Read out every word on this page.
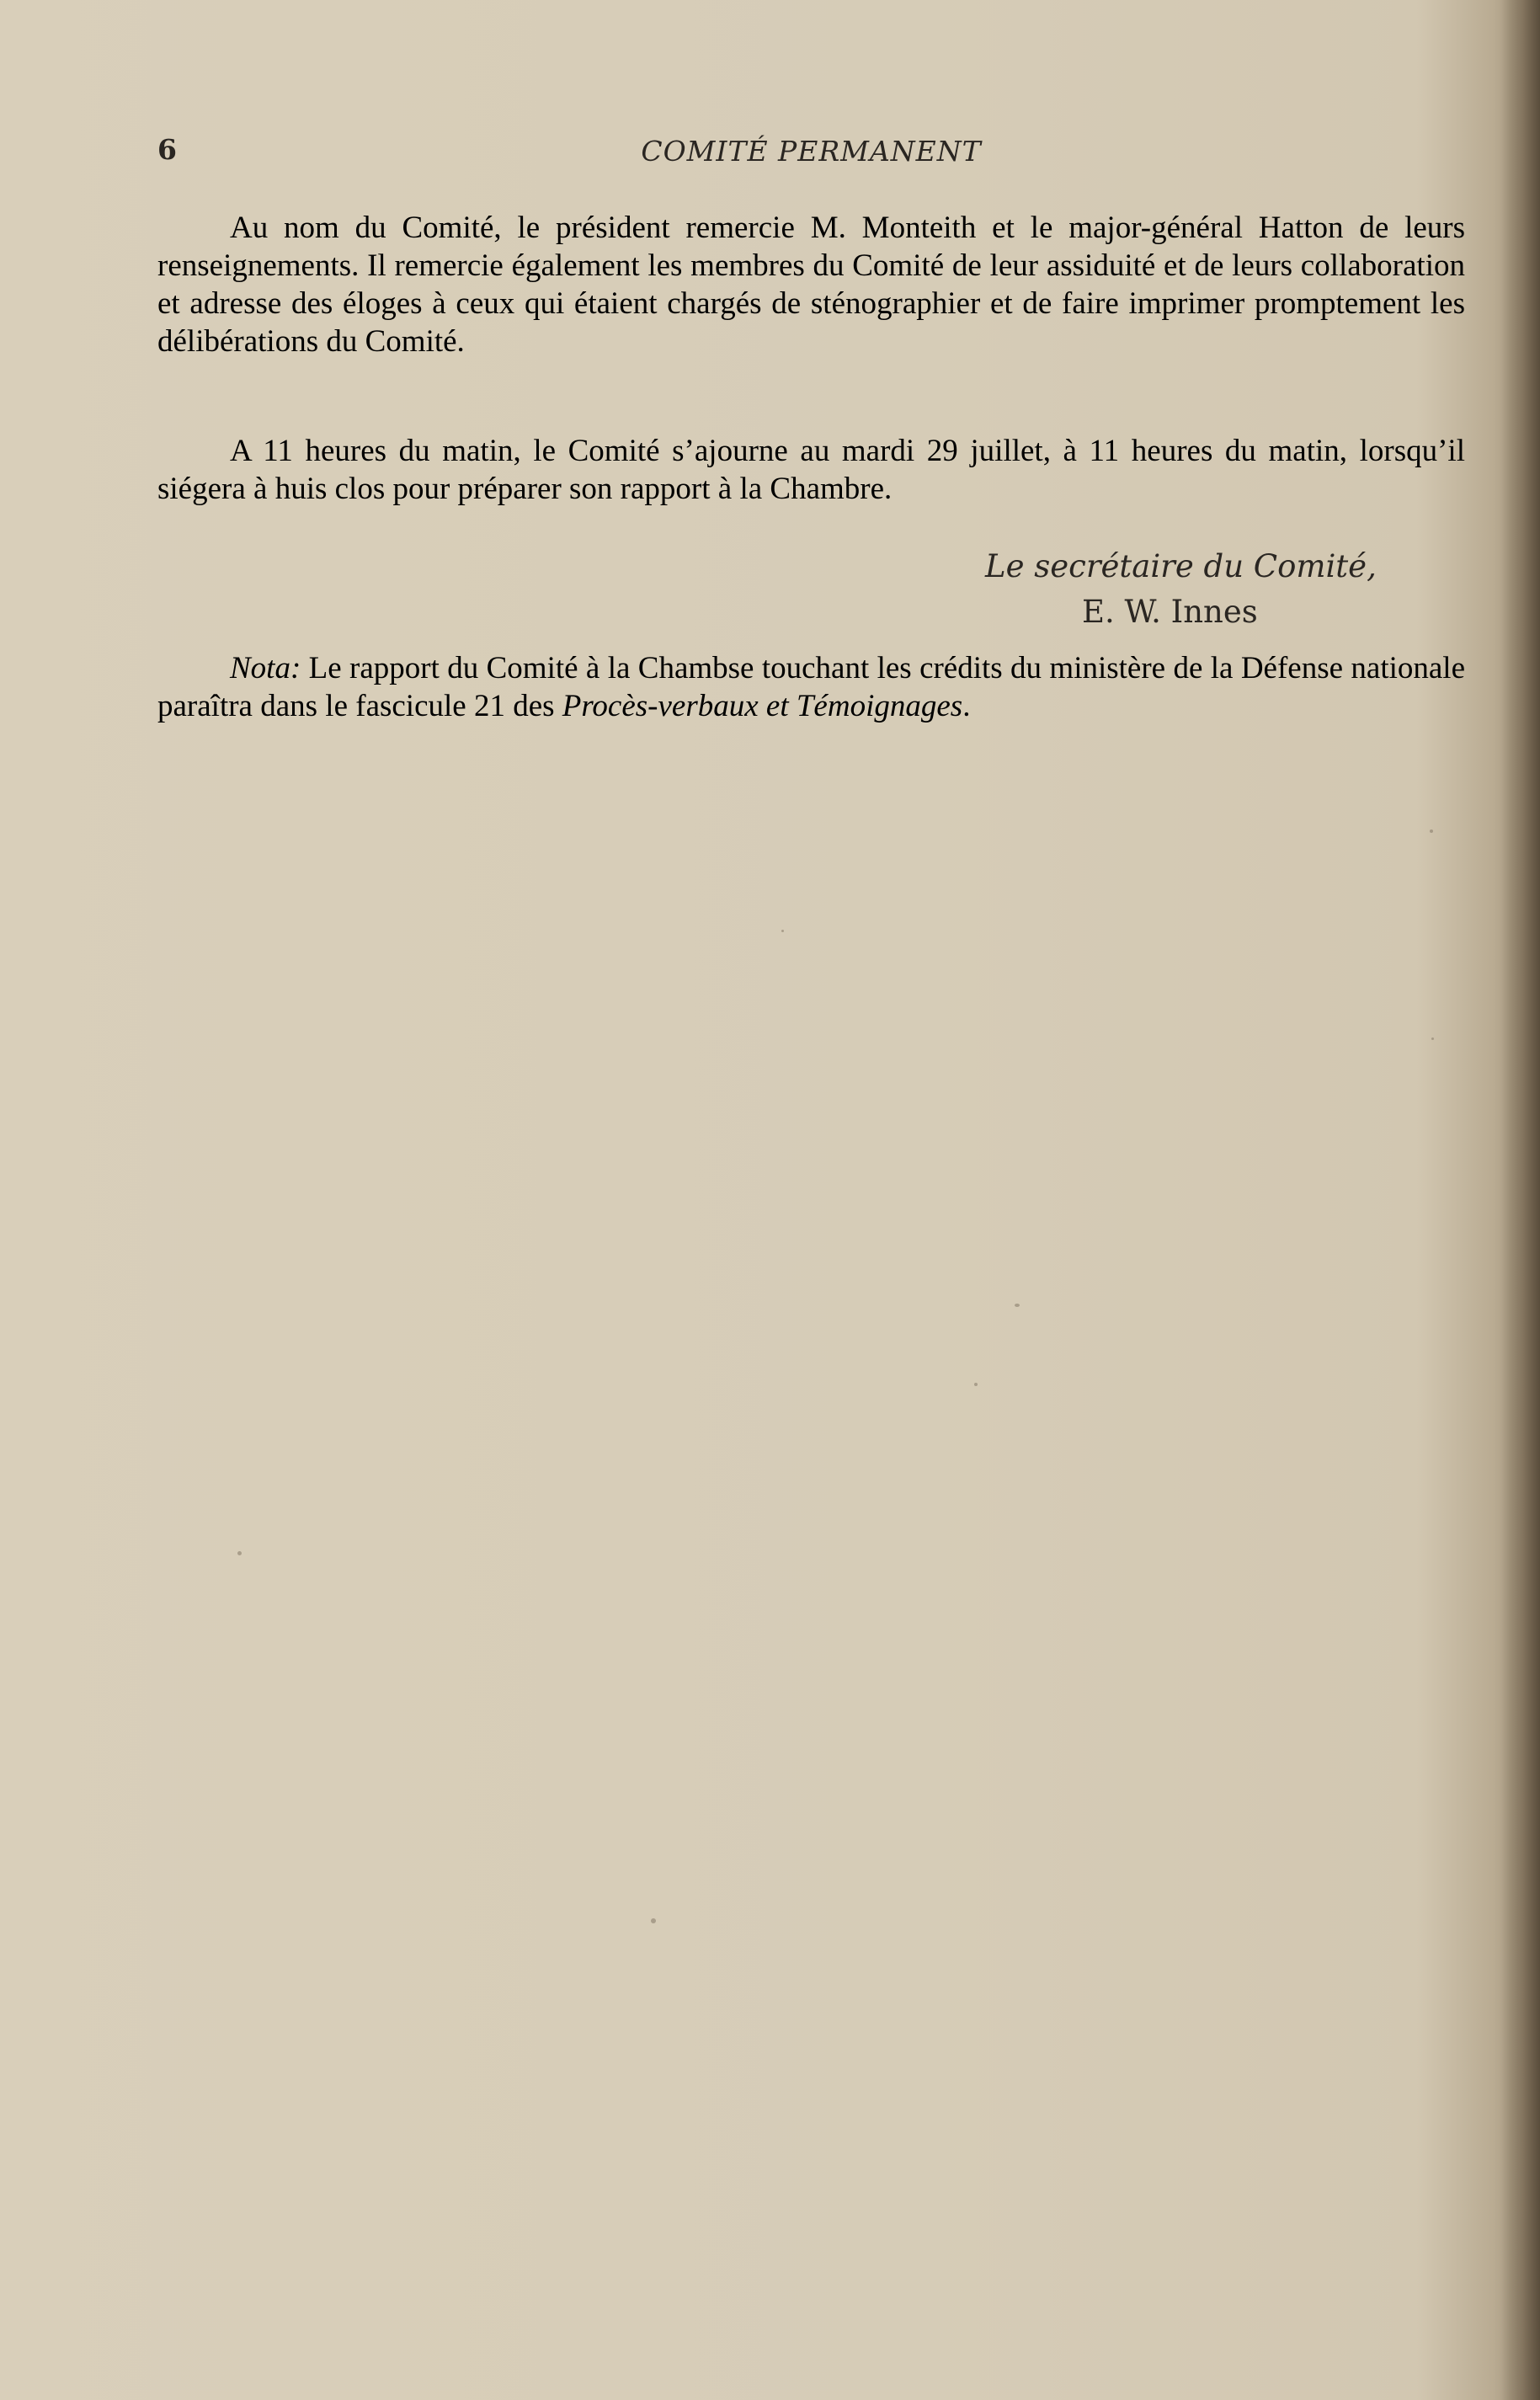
6	COMITÉ PERMANENT

Au nom du Comité, le président remercie M. Monteith et le major-général Hatton de leurs renseignements. Il remercie également les membres du Comité de leur assiduité et de leurs collaboration et adresse des éloges à ceux qui étaient chargés de sténographier et de faire imprimer promptement les délibérations du Comité.

A 11 heures du matin, le Comité s’ajourne au mardi 29 juillet, à 11 heures du matin, lorsqu’il siégera à huis clos pour préparer son rapport à la Chambre.

Le secrétaire du Comité,
E. W. Innes

Nota: Le rapport du Comité à la Chambse touchant les crédits du ministère de la Défense nationale paraîtra dans le fascicule 21 des Procès-verbaux et Témoignages.
